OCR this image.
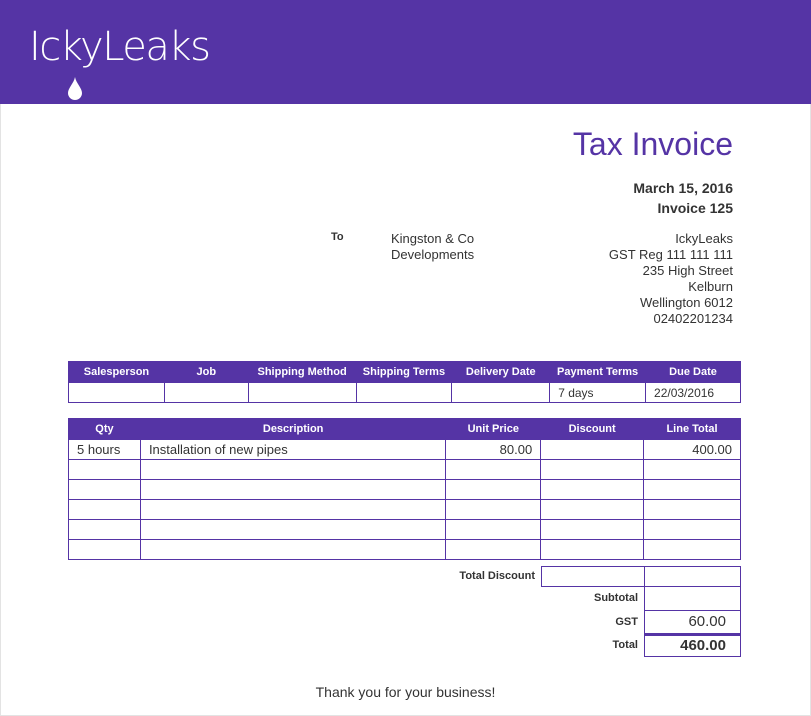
IckyLeaks
Tax Invoice
March 15, 2016
Invoice 125
To	Kingston & Co
Developments
IckyLeaks
GST Reg 111 111 111
235 High Street
Kelburn
Wellington 6012
02402201234
Salesperson	Job	Shipping Method	Shipping Terms	Delivery Date	Payment Terms	Due Date
					7 days	22/03/2016
Qty	Description	Unit Price	Discount	Line Total
5 hours	Installation of new pipes	80.00		400.00

Total Discount
Subtotal
GST	60.00
Total	460.00
Thank you for your business!
